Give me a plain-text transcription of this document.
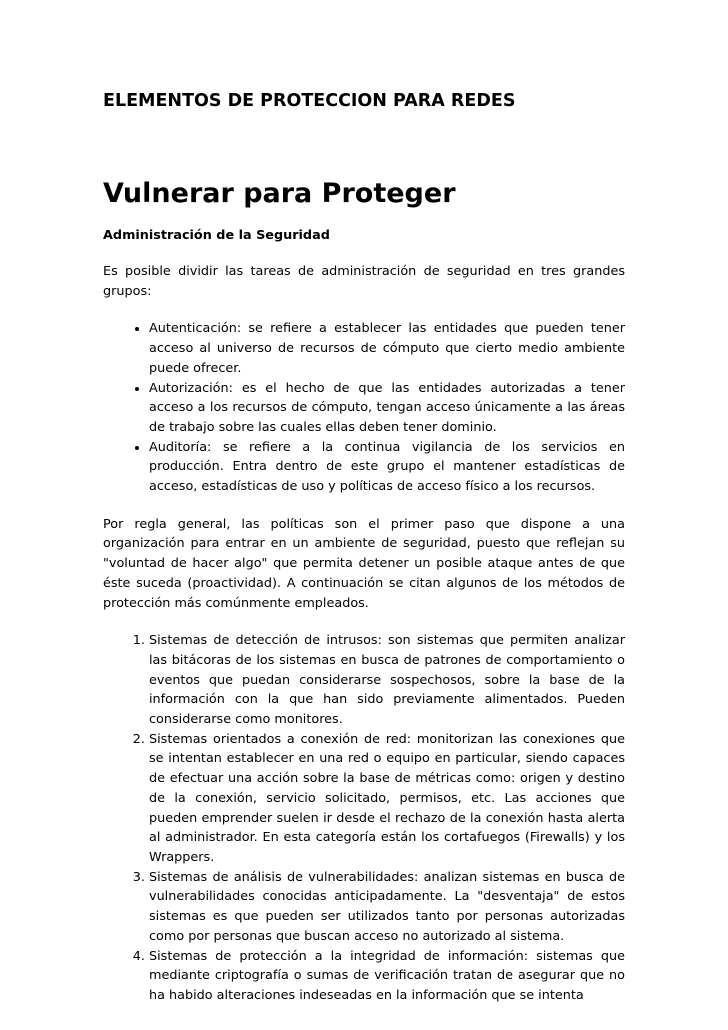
ELEMENTOS DE PROTECCION PARA REDES
Vulnerar para Proteger
Administración de la Seguridad

Es posible dividir las tareas de administración de seguridad en tres grandes grupos:

• Autenticación: se refiere a establecer las entidades que pueden tener acceso al universo de recursos de cómputo que cierto medio ambiente puede ofrecer.
• Autorización: es el hecho de que las entidades autorizadas a tener acceso a los recursos de cómputo, tengan acceso únicamente a las áreas de trabajo sobre las cuales ellas deben tener dominio.
• Auditoría: se refiere a la continua vigilancia de los servicios en producción. Entra dentro de este grupo el mantener estadísticas de acceso, estadísticas de uso y políticas de acceso físico a los recursos.

Por regla general, las políticas son el primer paso que dispone a una organización para entrar en un ambiente de seguridad, puesto que reflejan su "voluntad de hacer algo" que permita detener un posible ataque antes de que éste suceda (proactividad). A continuación se citan algunos de los métodos de protección más comúnmente empleados.

1. Sistemas de detección de intrusos: son sistemas que permiten analizar las bitácoras de los sistemas en busca de patrones de comportamiento o eventos que puedan considerarse sospechosos, sobre la base de la información con la que han sido previamente alimentados. Pueden considerarse como monitores.
2. Sistemas orientados a conexión de red: monitorizan las conexiones que se intentan establecer en una red o equipo en particular, siendo capaces de efectuar una acción sobre la base de métricas como: origen y destino de la conexión, servicio solicitado, permisos, etc. Las acciones que pueden emprender suelen ir desde el rechazo de la conexión hasta alerta al administrador. En esta categoría están los cortafuegos (Firewalls) y los Wrappers.
3. Sistemas de análisis de vulnerabilidades: analizan sistemas en busca de vulnerabilidades conocidas anticipadamente. La "desventaja" de estos sistemas es que pueden ser utilizados tanto por personas autorizadas como por personas que buscan acceso no autorizado al sistema.
4. Sistemas de protección a la integridad de información: sistemas que mediante criptografía o sumas de verificación tratan de asegurar que no ha habido alteraciones indeseadas en la información que se intenta
